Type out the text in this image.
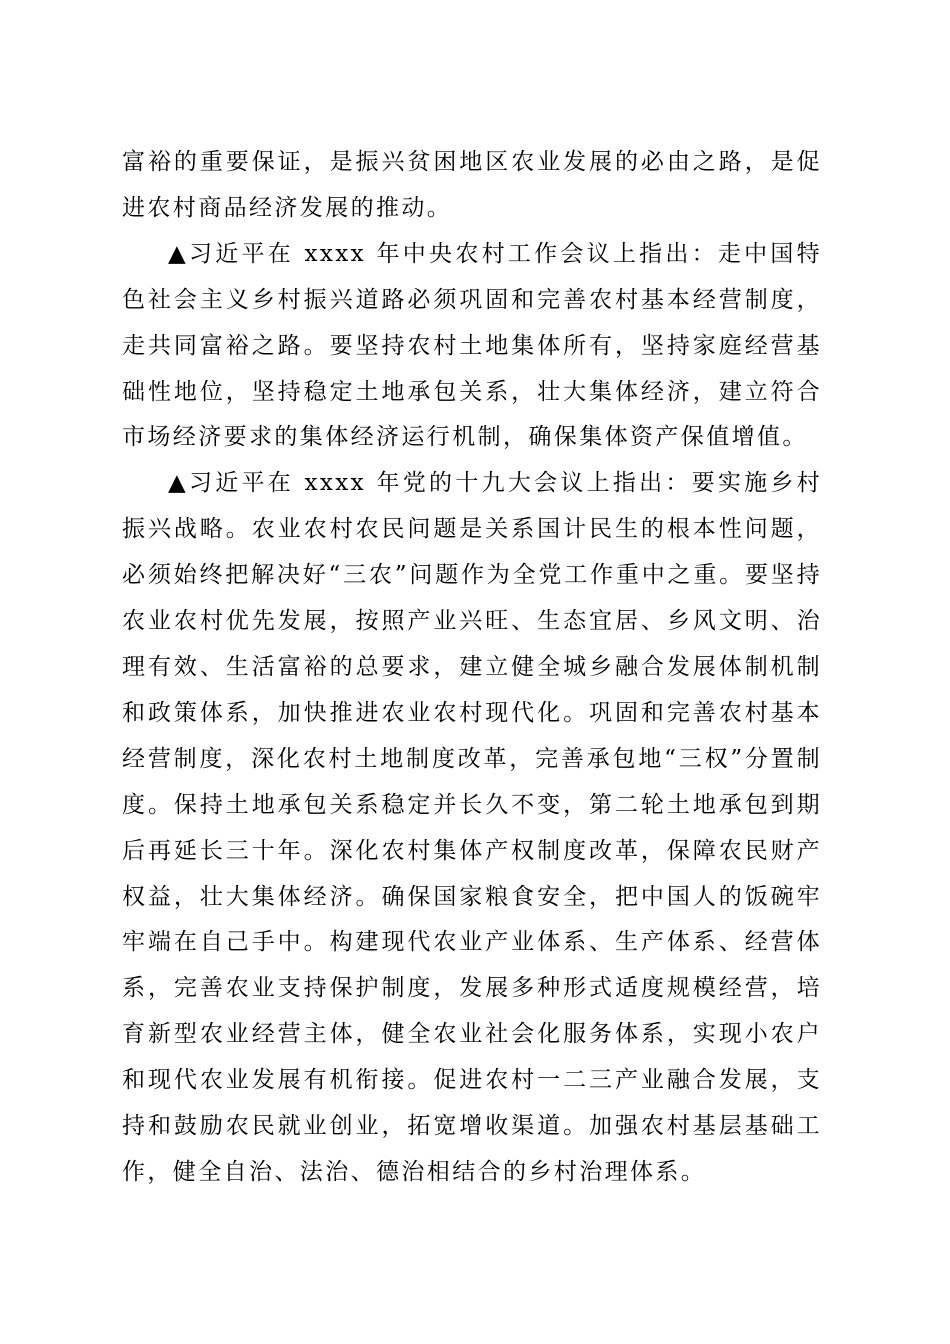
富裕的重要保证，是振兴贫困地区农业发展的必由之路，是促进农村商品经济发展的推动。

▲习近平在 xxxx 年中央农村工作会议上指出：走中国特色社会主义乡村振兴道路必须巩固和完善农村基本经营制度，走共同富裕之路。要坚持农村土地集体所有，坚持家庭经营基础性地位，坚持稳定土地承包关系，壮大集体经济，建立符合市场经济要求的集体经济运行机制，确保集体资产保值增值。

▲习近平在 xxxx 年党的十九大会议上指出：要实施乡村振兴战略。农业农村农民问题是关系国计民生的根本性问题，必须始终把解决好“三农”问题作为全党工作重中之重。要坚持农业农村优先发展，按照产业兴旺、生态宜居、乡风文明、治理有效、生活富裕的总要求，建立健全城乡融合发展体制机制和政策体系，加快推进农业农村现代化。巩固和完善农村基本经营制度，深化农村土地制度改革，完善承包地“三权”分置制度。保持土地承包关系稳定并长久不变，第二轮土地承包到期后再延长三十年。深化农村集体产权制度改革，保障农民财产权益，壮大集体经济。确保国家粮食安全，把中国人的饭碗牢牢端在自己手中。构建现代农业产业体系、生产体系、经营体系，完善农业支持保护制度，发展多种形式适度规模经营，培育新型农业经营主体，健全农业社会化服务体系，实现小农户和现代农业发展有机衔接。促进农村一二三产业融合发展，支持和鼓励农民就业创业，拓宽增收渠道。加强农村基层基础工作，健全自治、法治、德治相结合的乡村治理体系。
